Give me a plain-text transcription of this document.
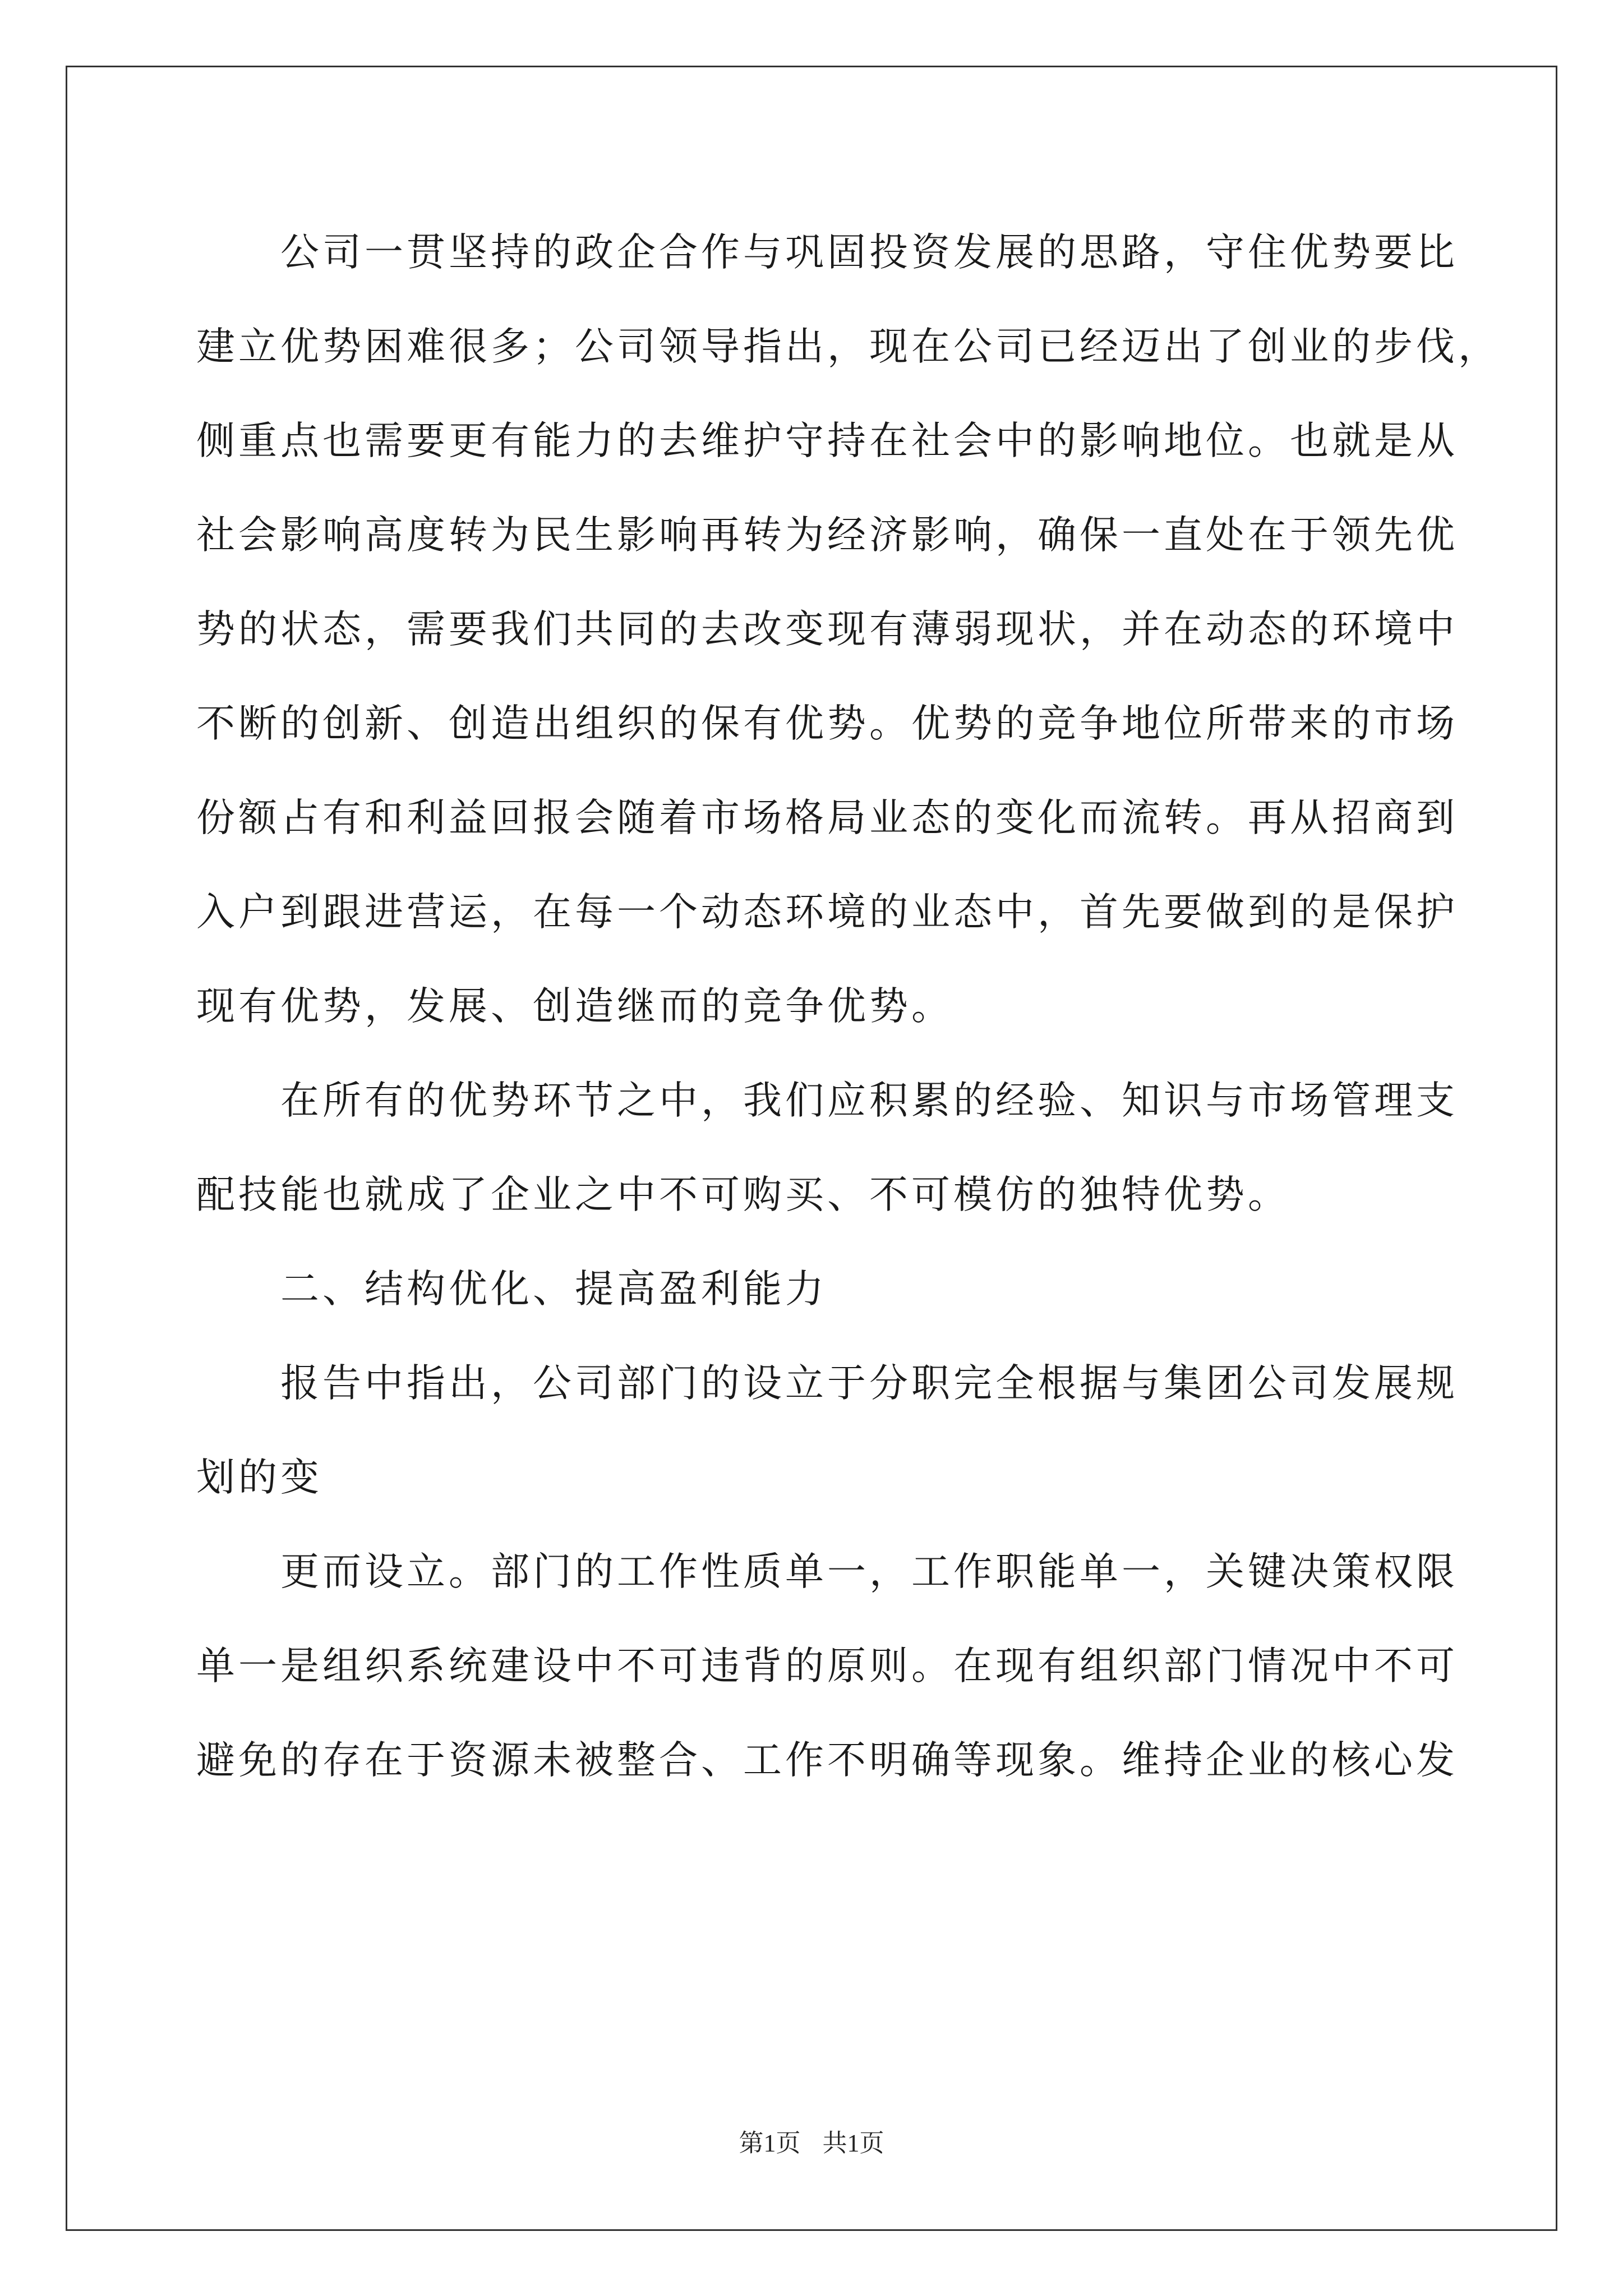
公司一贯坚持的政企合作与巩固投资发展的思路，守住优势要比
建立优势困难很多；公司领导指出，现在公司已经迈出了创业的步伐，
侧重点也需要更有能力的去维护守持在社会中的影响地位。也就是从
社会影响高度转为民生影响再转为经济影响，确保一直处在于领先优
势的状态，需要我们共同的去改变现有薄弱现状，并在动态的环境中
不断的创新、创造出组织的保有优势。优势的竞争地位所带来的市场
份额占有和利益回报会随着市场格局业态的变化而流转。再从招商到
入户到跟进营运，在每一个动态环境的业态中，首先要做到的是保护
现有优势，发展、创造继而的竞争优势。
在所有的优势环节之中，我们应积累的经验、知识与市场管理支
配技能也就成了企业之中不可购买、不可模仿的独特优势。
二、结构优化、提高盈利能力
报告中指出，公司部门的设立于分职完全根据与集团公司发展规
划的变
更而设立。部门的工作性质单一，工作职能单一，关键决策权限
单一是组织系统建设中不可违背的原则。在现有组织部门情况中不可
避免的存在于资源未被整合、工作不明确等现象。维持企业的核心发
第1页 共1页
